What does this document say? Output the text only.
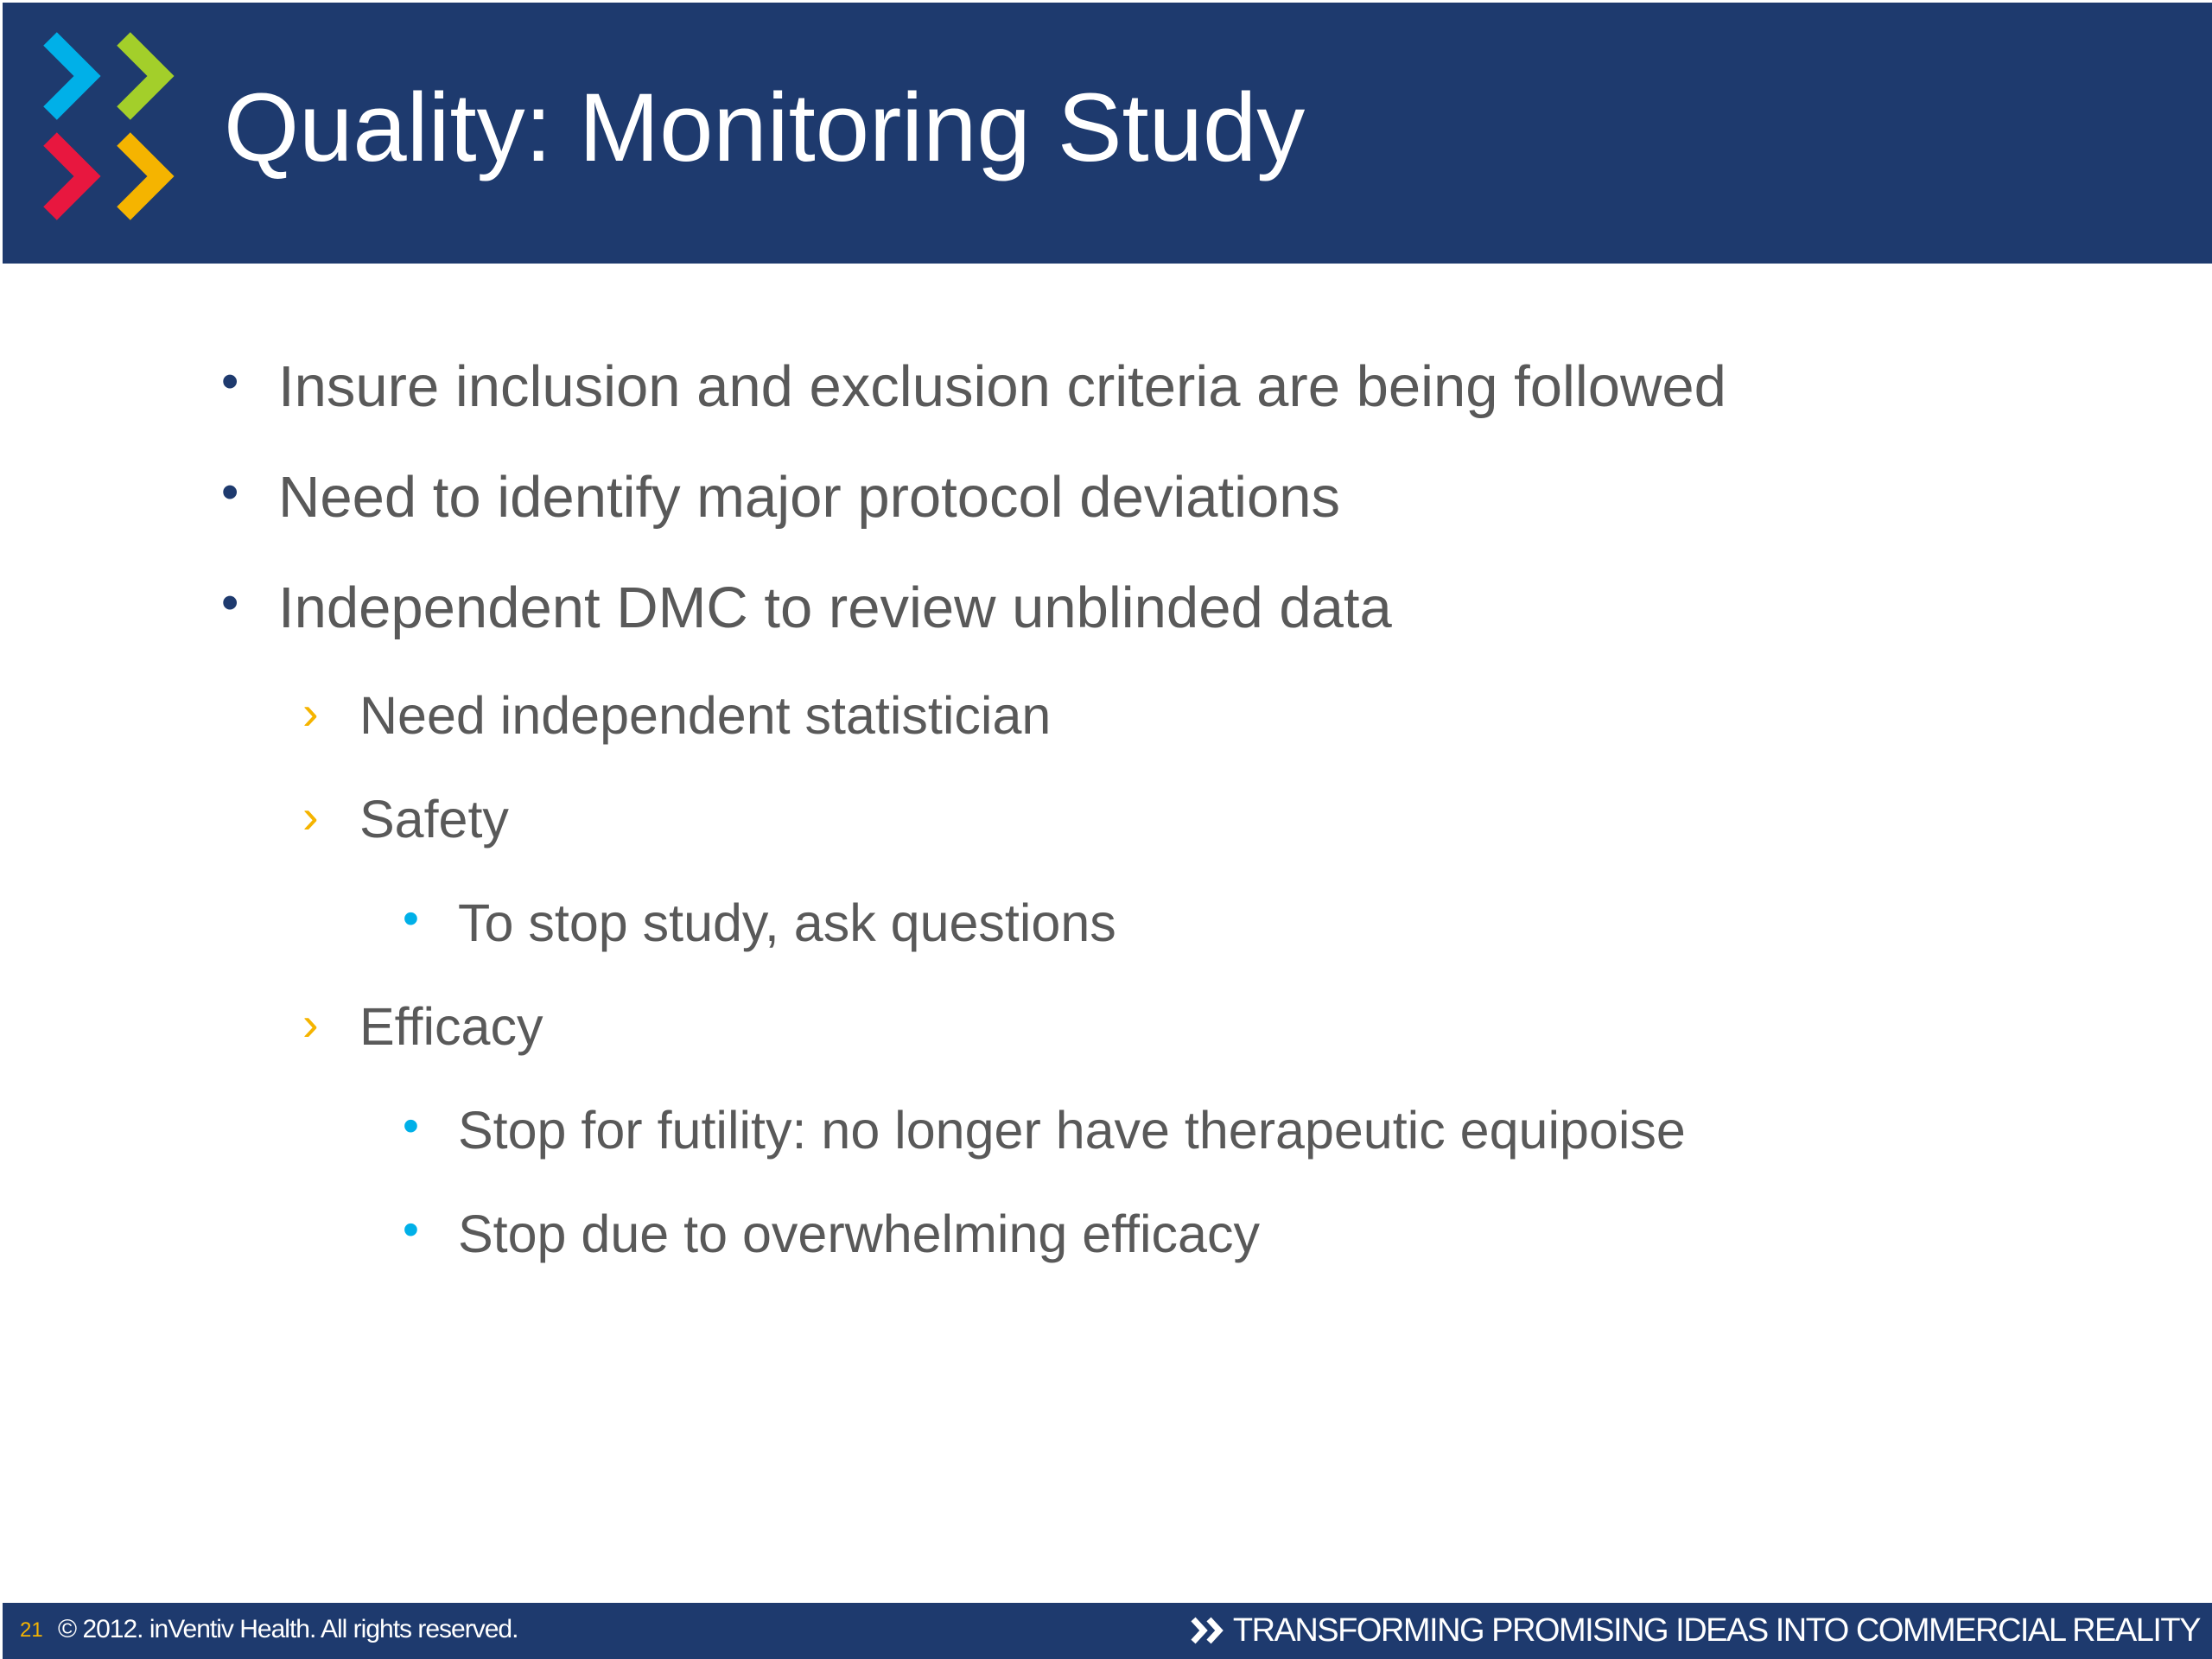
Quality: Monitoring Study
• Insure inclusion and exclusion criteria are being followed
• Need to identify major protocol deviations
• Independent DMC to review unblinded data
› Need independent statistician
› Safety
• To stop study, ask questions
› Efficacy
• Stop for futility: no longer have therapeutic equipoise
• Stop due to overwhelming efficacy
21 © 2012. inVentiv Health. All rights reserved.	TRANSFORMING PROMISING IDEAS INTO COMMERCIAL REALITY
